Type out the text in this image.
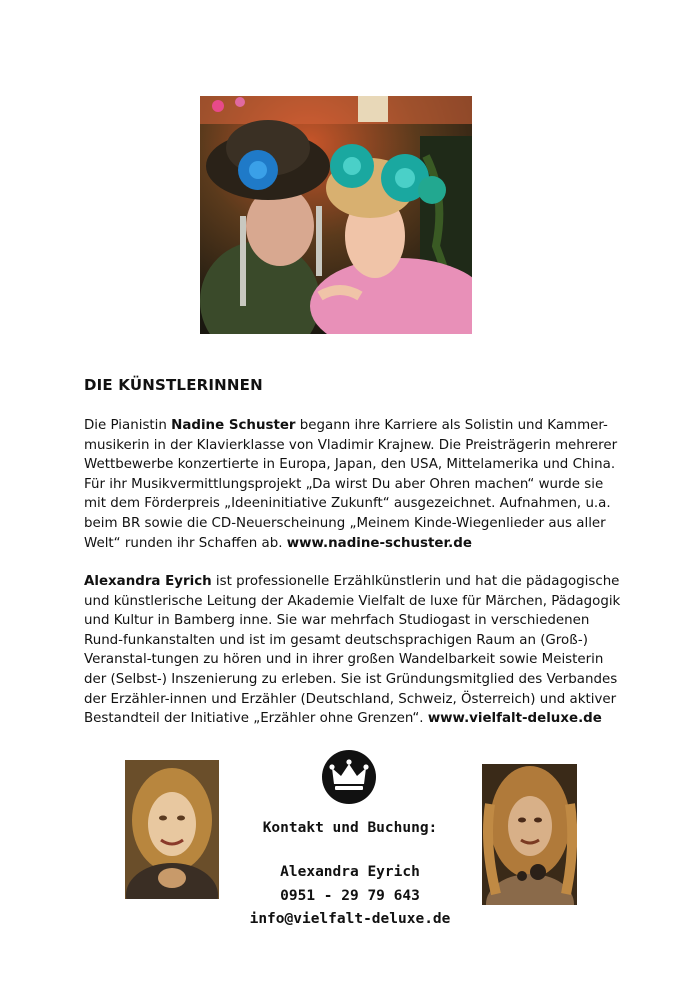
DIE KÜNSTLERINNEN

Die Pianistin Nadine Schuster begann ihre Karriere als Solistin und Kammer-musikerin in der Klavierklasse von Vladimir Krajnew. Die Preisträgerin mehrerer Wettbewerbe konzertierte in Europa, Japan, den USA, Mittelamerika und China. Für ihr Musikvermittlungsprojekt „Da wirst Du aber Ohren machen“ wurde sie mit dem Förderpreis „Ideeninitiative Zukunft“ ausgezeichnet. Aufnahmen, u.a. beim BR sowie die CD-Neuerscheinung „Meinem Kinde-Wiegenlieder aus aller Welt“ runden ihr Schaffen ab. www.nadine-schuster.de

Alexandra Eyrich ist professionelle Erzählkünstlerin und hat die pädagogische und künstlerische Leitung der Akademie Vielfalt de luxe für Märchen, Pädagogik und Kultur in Bamberg inne. Sie war mehrfach Studiogast in verschiedenen Rund-funkanstalten und ist im gesamt deutschsprachigen Raum an (Groß-) Veranstal-tungen zu hören und in ihrer großen Wandelbarkeit sowie Meisterin der (Selbst-) Inszenierung zu erleben. Sie ist Gründungsmitglied des Verbandes der Erzähler-innen und Erzähler (Deutschland, Schweiz, Österreich) und aktiver Bestandteil der Initiative „Erzähler ohne Grenzen“. www.vielfalt-deluxe.de

Kontakt und Buchung:
Alexandra Eyrich
0951 - 29 79 643
info@vielfalt-deluxe.de
